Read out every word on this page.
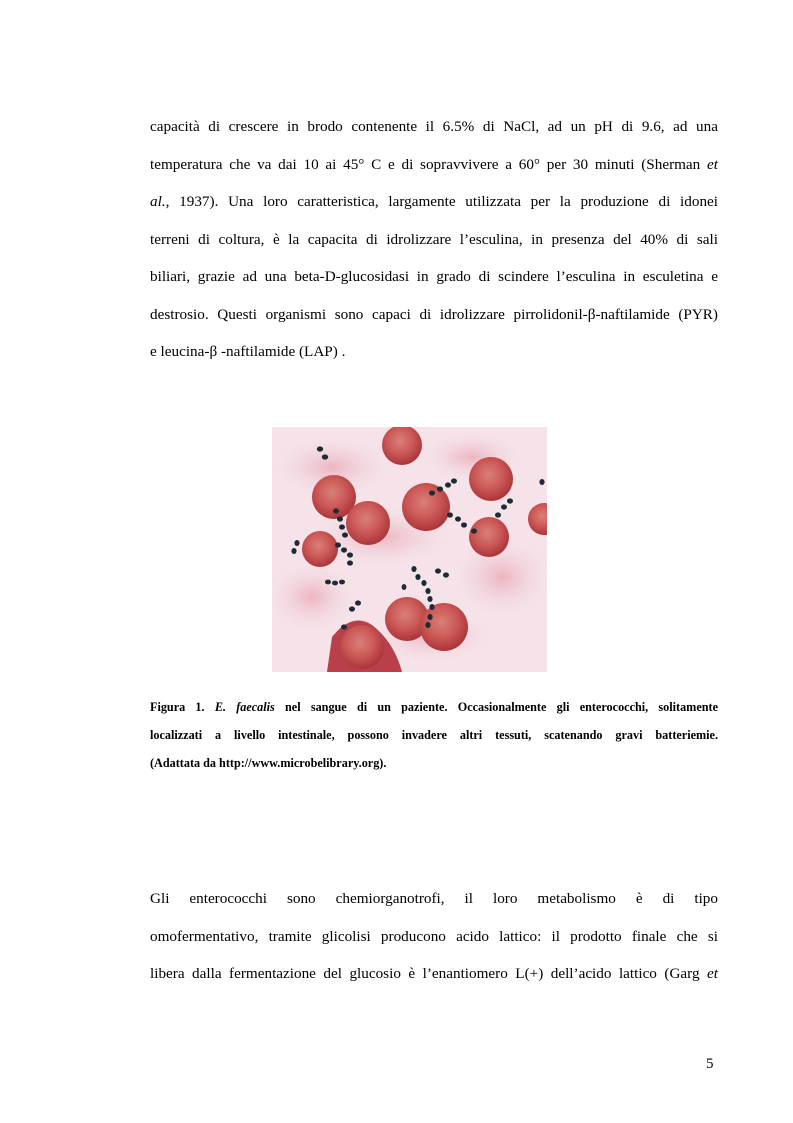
capacità di crescere in brodo contenente il 6.5% di NaCl, ad un pH di 9.6, ad una
temperatura che va dai 10 ai 45° C e di sopravvivere a 60° per 30 minuti (Sherman et
al., 1937). Una loro caratteristica, largamente utilizzata per la produzione di idonei
terreni di coltura, è la capacita di idrolizzare l’esculina, in presenza del 40% di sali
biliari, grazie ad una beta-D-glucosidasi in grado di scindere l’esculina in esculetina e
destrosio. Questi organismi sono capaci di idrolizzare pirrolidonil-β-naftilamide (PYR)
e leucina-β -naftilamide (LAP) .

Figura 1. E. faecalis nel sangue di un paziente. Occasionalmente gli enterococchi, solitamente
localizzati a livello intestinale, possono invadere altri tessuti, scatenando gravi batteriemie.
(Adattata da http://www.microbelibrary.org).

Gli enterococchi sono chemiorganotrofi, il loro metabolismo è di tipo
omofermentativo, tramite glicolisi producono acido lattico: il prodotto finale che si
libera dalla fermentazione del glucosio è l’enantiomero L(+) dell’acido lattico (Garg et

5
